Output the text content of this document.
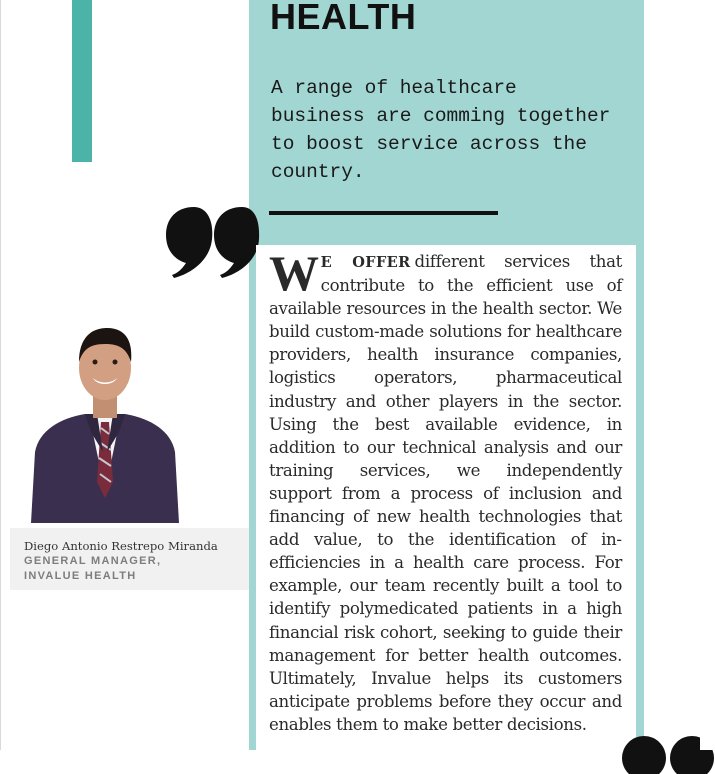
HEALTH

A range of healthcare business are comming together to boost service across the country.

Diego Antonio Restrepo Miranda
GENERAL MANAGER,
INVALUE HEALTH

W E OFFER different services that contribute to the efficient use of available resources in the health sector. We build custom-made solutions for healthcare providers, health insurance companies, logistics operators, pharmaceutical industry and other players in the sector. Using the best available evidence, in addition to our technical analysis and our training services, we independently support from a process of inclusion and financing of new health technologies that add value, to the identification of inefficiencies in a health care process. For example, our team recently built a tool to identify polymedicated patients in a high financial risk cohort, seeking to guide their management for better health outcomes. Ultimately, Invalue helps its customers anticipate problems before they occur and enables them to make better decisions.
